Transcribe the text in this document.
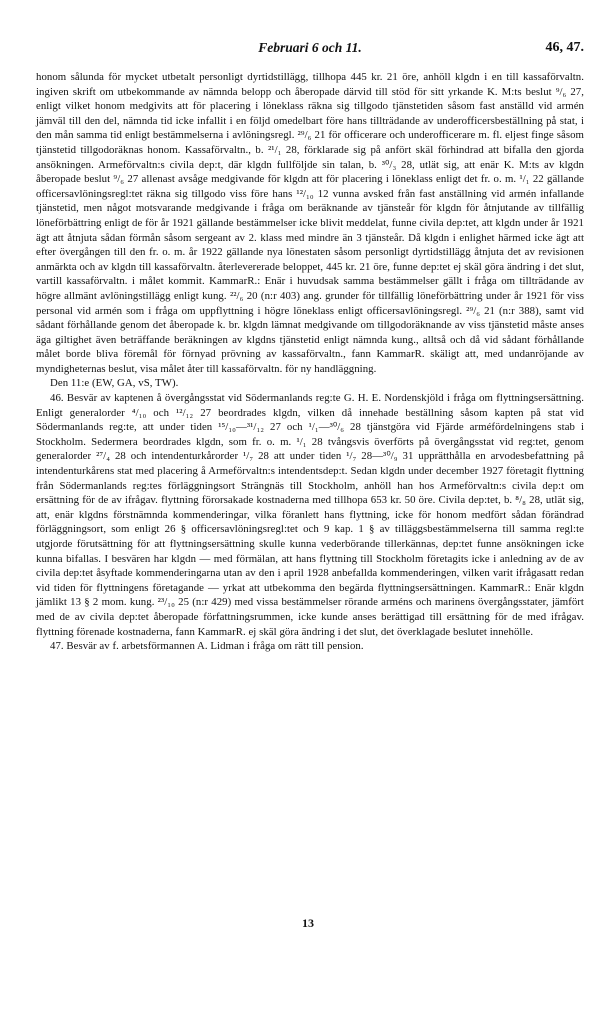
Februari 6 och 11.	46, 47.

honom sålunda för mycket utbetalt personligt dyrtidstillägg, tillhopa 445 kr. 21 öre, anhöll klgdn i en till kassaförvaltn. ingiven skrift om utbekommande av nämnda belopp och åberopade därvid till stöd för sitt yrkande K. M:ts beslut ⁹/₆ 27, enligt vilket honom medgivits att för placering i löneklass räkna sig tillgodo tjänstetiden såsom fast anställd vid armén jämväl till den del, nämnda tid icke infallit i en följd omedelbart före hans tillträdande av underofficersbeställning på stat, i den mån samma tid enligt bestämmelserna i avlöningsregl. ²⁹/₆ 21 för officerare och underofficerare m. fl. eljest finge såsom tjänstetid tillgodoräknas honom. Kassaförvaltn., b. ²¹/₁ 28, förklarade sig på anfört skäl förhindrad att bifalla den gjorda ansökningen. Armeförvaltn:s civila dep:t, där klgdn fullföljde sin talan, b. ³⁰/₃ 28, utlät sig, att enär K. M:ts av klgdn åberopade beslut ⁹/₆ 27 allenast avsåge medgivande för klgdn att för placering i löneklass enligt det fr. o. m. ¹/₁ 22 gällande officersavlöningsregl:tet räkna sig tillgodo viss före hans ¹²/₁₀ 12 vunna avsked från fast anställning vid armén infallande tjänstetid, men något motsvarande medgivande i fråga om beräknande av tjänsteår för klgdn för åtnjutande av tillfällig löneförbättring enligt de för år 1921 gällande bestämmelser icke blivit meddelat, funne civila dep:tet, att klgdn under år 1921 ägt att åtnjuta sådan förmån såsom sergeant av 2. klass med mindre än 3 tjänsteår. Då klgdn i enlighet härmed icke ägt att efter övergången till den fr. o. m. år 1922 gällande nya lönestaten såsom personligt dyrtidstillägg åtnjuta det av revisionen anmärkta och av klgdn till kassaförvaltn. återlevererade beloppet, 445 kr. 21 öre, funne dep:tet ej skäl göra ändring i det slut, vartill kassaförvaltn. i målet kommit. KammarR.: Enär i huvudsak samma bestämmelser gällt i fråga om tillträdande av högre allmänt avlöningstillägg enligt kung. ²²/₆ 20 (n:r 403) ang. grunder för tillfällig löneförbättring under år 1921 för viss personal vid armén som i fråga om uppflyttning i högre löneklass enligt officersavlöningsregl. ²⁹/₆ 21 (n:r 388), samt vid sådant förhållande genom det åberopade k. br. klgdn lämnat medgivande om tillgodoräknande av viss tjänstetid måste anses äga giltighet även beträffande beräkningen av klgdns tjänstetid enligt nämnda kung., alltså och då vid sådant förhållande målet borde bliva föremål för förnyad prövning av kassaförvaltn., fann KammarR. skäligt att, med undanröjande av myndigheternas beslut, visa målet åter till kassaförvaltn. för ny handläggning.

Den 11:e (EW, GA, vS, TW).

46. Besvär av kaptenen å övergångsstat vid Södermanlands reg:te G. H. E. Nordenskjöld i fråga om flyttningsersättning. Enligt generalorder ⁴/₁₀ och ¹²/₁₂ 27 beordrades klgdn, vilken då innehade beställning såsom kapten på stat vid Södermanlands reg:te, att under tiden ¹⁵/₁₀—³¹/₁₂ 27 och ¹/₁—³⁰/₆ 28 tjänstgöra vid Fjärde arméfördelningens stab i Stockholm. Sedermera beordrades klgdn, som fr. o. m. ¹/₁ 28 tvångsvis överförts på övergångsstat vid reg:tet, genom generalorder ²⁷/₄ 28 och intendenturkårorder ¹/₇ 28 att under tiden ¹/₇ 28—³⁰/₉ 31 upprätthålla en arvodesbefattning på intendenturkårens stat med placering å Armeförvaltn:s intendentsdep:t. Sedan klgdn under december 1927 företagit flyttning från Södermanlands reg:tes förläggningsort Strängnäs till Stockholm, anhöll han hos Armeförvaltn:s civila dep:t om ersättning för de av ifrågav. flyttning förorsakade kostnaderna med tillhopa 653 kr. 50 öre. Civila dep:tet, b. ⁸/₈ 28, utlät sig, att, enär klgdns förstnämnda kommenderingar, vilka föranlett hans flyttning, icke för honom medfört sådan förändrad förläggningsort, som enligt 26 § officersavlöningsregl:tet och 9 kap. 1 § av tilläggsbestämmelserna till samma regl:te utgjorde förutsättning för att flyttningsersättning skulle kunna vederbörande tillerkännas, dep:tet funne ansökningen icke kunna bifallas. I besvären har klgdn — med förmälan, att hans flyttning till Stockholm företagits icke i anledning av de av civila dep:tet åsyftade kommenderingarna utan av den i april 1928 anbefallda kommenderingen, vilken varit ifrågasatt redan vid tiden för flyttningens företagande — yrkat att utbekomma den begärda flyttningsersättningen. KammarR.: Enär klgdn jämlikt 13 § 2 mom. kung. ²³/₁₀ 25 (n:r 429) med vissa bestämmelser rörande arméns och marinens övergångsstater, jämfört med de av civila dep:tet åberopade författningsrummen, icke kunde anses berättigad till ersättning för de med ifrågav. flyttning förenade kostnaderna, fann KammarR. ej skäl göra ändring i det slut, det överklagade beslutet innehölle.

47. Besvär av f. arbetsförmannen A. Lidman i fråga om rätt till pension.

13
